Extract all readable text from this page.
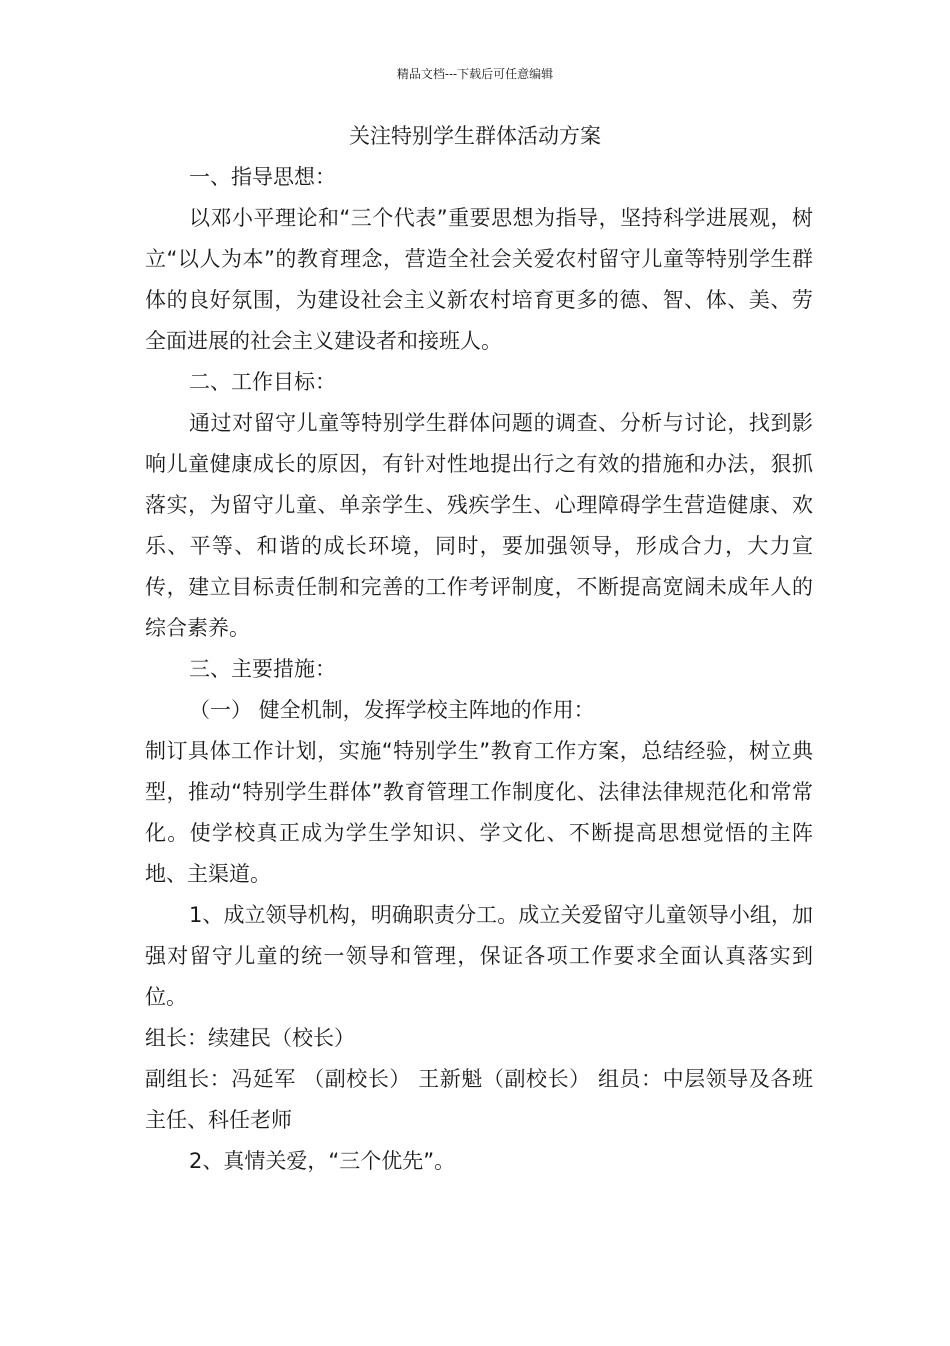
精品文档---下载后可任意编辑
关注特别学生群体活动方案

一、指导思想：

以邓小平理论和“三个代表”重要思想为指导，坚持科学进展观，树立“以人为本”的教育理念，营造全社会关爱农村留守儿童等特别学生群体的良好氛围，为建设社会主义新农村培育更多的德、智、体、美、劳全面进展的社会主义建设者和接班人。

二、工作目标：

通过对留守儿童等特别学生群体问题的调查、分析与讨论，找到影响儿童健康成长的原因，有针对性地提出行之有效的措施和办法，狠抓落实，为留守儿童、单亲学生、残疾学生、心理障碍学生营造健康、欢乐、平等、和谐的成长环境，同时，要加强领导，形成合力，大力宣传，建立目标责任制和完善的工作考评制度，不断提高宽阔未成年人的综合素养。

三、主要措施：

（一） 健全机制，发挥学校主阵地的作用：

制订具体工作计划，实施“特别学生”教育工作方案，总结经验，树立典型，推动“特别学生群体”教育管理工作制度化、法律法律规范化和常常化。使学校真正成为学生学知识、学文化、不断提高思想觉悟的主阵地、主渠道。

1、成立领导机构，明确职责分工。成立关爱留守儿童领导小组，加强对留守儿童的统一领导和管理，保证各项工作要求全面认真落实到位。

组长：续建民（校长）

副组长：冯延军 （副校长） 王新魁（副校长） 组员：中层领导及各班主任、科任老师

2、真情关爱，“三个优先”。
